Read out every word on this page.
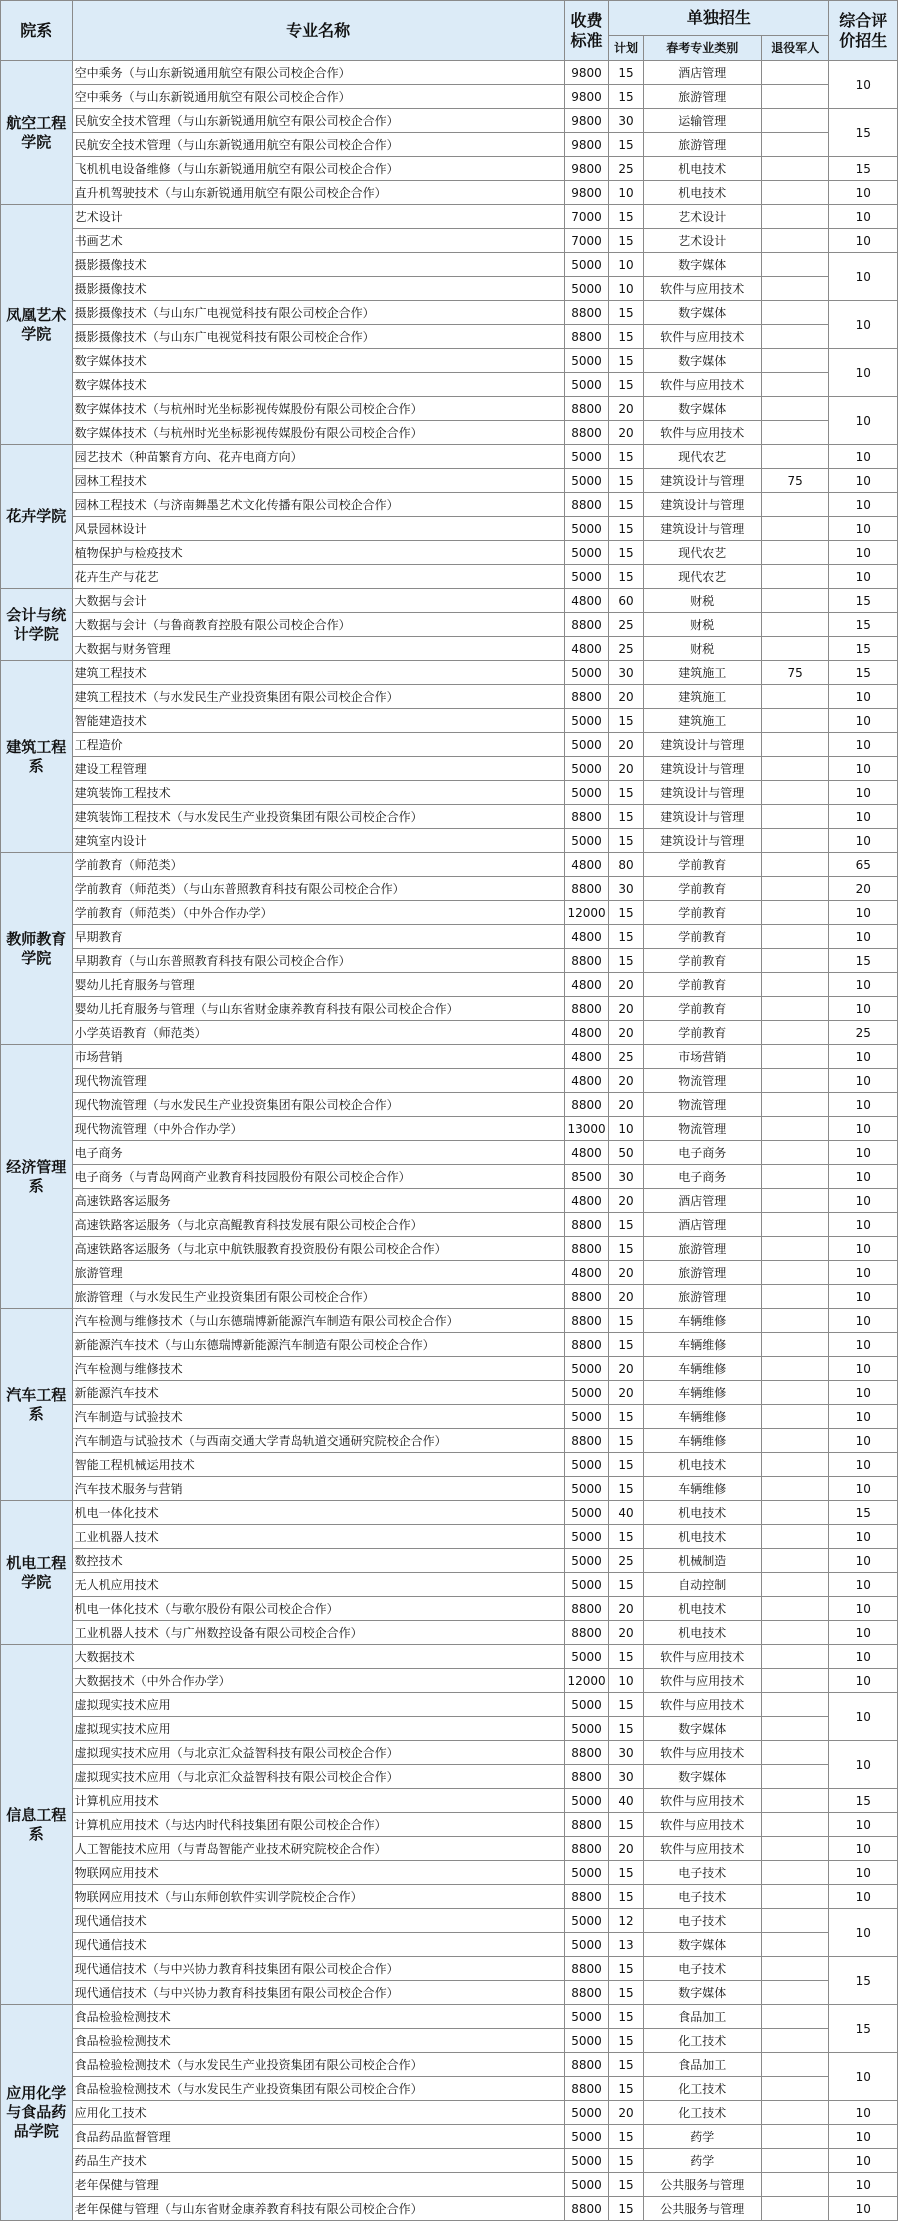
院系	专业名称	收费标准	单独招生			综合评价招生
			计划	春考专业类别	退役军人	
航空工程学院	空中乘务（与山东新锐通用航空有限公司校企合作）	9800	15	酒店管理		10
	空中乘务（与山东新锐通用航空有限公司校企合作）	9800	15	旅游管理		
	民航安全技术管理（与山东新锐通用航空有限公司校企合作）	9800	30	运输管理		15
	民航安全技术管理（与山东新锐通用航空有限公司校企合作）	9800	15	旅游管理		
	飞机机电设备维修（与山东新锐通用航空有限公司校企合作）	9800	25	机电技术		15
	直升机驾驶技术（与山东新锐通用航空有限公司校企合作）	9800	10	机电技术		10
凤凰艺术学院	艺术设计	7000	15	艺术设计		10
	书画艺术	7000	15	艺术设计		10
	摄影摄像技术	5000	10	数字媒体		10
	摄影摄像技术	5000	10	软件与应用技术		
	摄影摄像技术（与山东广电视觉科技有限公司校企合作）	8800	15	数字媒体		10
	摄影摄像技术（与山东广电视觉科技有限公司校企合作）	8800	15	软件与应用技术		
	数字媒体技术	5000	15	数字媒体		10
	数字媒体技术	5000	15	软件与应用技术		
	数字媒体技术（与杭州时光坐标影视传媒股份有限公司校企合作）	8800	20	数字媒体		10
	数字媒体技术（与杭州时光坐标影视传媒股份有限公司校企合作）	8800	20	软件与应用技术		
花卉学院	园艺技术（种苗繁育方向、花卉电商方向）	5000	15	现代农艺		10
	园林工程技术	5000	15	建筑设计与管理	75	10
	园林工程技术（与济南舞墨艺术文化传播有限公司校企合作）	8800	15	建筑设计与管理		10
	风景园林设计	5000	15	建筑设计与管理		10
	植物保护与检疫技术	5000	15	现代农艺		10
	花卉生产与花艺	5000	15	现代农艺		10
会计与统计学院	大数据与会计	4800	60	财税		15
	大数据与会计（与鲁商教育控股有限公司校企合作）	8800	25	财税		15
	大数据与财务管理	4800	25	财税		15
建筑工程系	建筑工程技术	5000	30	建筑施工	75	15
	建筑工程技术（与水发民生产业投资集团有限公司校企合作）	8800	20	建筑施工		10
	智能建造技术	5000	15	建筑施工		10
	工程造价	5000	20	建筑设计与管理		10
	建设工程管理	5000	20	建筑设计与管理		10
	建筑装饰工程技术	5000	15	建筑设计与管理		10
	建筑装饰工程技术（与水发民生产业投资集团有限公司校企合作）	8800	15	建筑设计与管理		10
	建筑室内设计	5000	15	建筑设计与管理		10
教师教育学院	学前教育（师范类）	4800	80	学前教育		65
	学前教育（师范类）（与山东普照教育科技有限公司校企合作）	8800	30	学前教育		20
	学前教育（师范类）（中外合作办学）	12000	15	学前教育		10
	早期教育	4800	15	学前教育		10
	早期教育（与山东普照教育科技有限公司校企合作）	8800	15	学前教育		15
	婴幼儿托育服务与管理	4800	20	学前教育		10
	婴幼儿托育服务与管理（与山东省财金康养教育科技有限公司校企合作）	8800	20	学前教育		10
	小学英语教育（师范类）	4800	20	学前教育		25
经济管理系	市场营销	4800	25	市场营销		10
	现代物流管理	4800	20	物流管理		10
	现代物流管理（与水发民生产业投资集团有限公司校企合作）	8800	20	物流管理		10
	现代物流管理（中外合作办学）	13000	10	物流管理		10
	电子商务	4800	50	电子商务		10
	电子商务（与青岛网商产业教育科技园股份有限公司校企合作）	8500	30	电子商务		10
	高速铁路客运服务	4800	20	酒店管理		10
	高速铁路客运服务（与北京高鲲教育科技发展有限公司校企合作）	8800	15	酒店管理		10
	高速铁路客运服务（与北京中航铁服教育投资股份有限公司校企合作）	8800	15	旅游管理		10
	旅游管理	4800	20	旅游管理		10
	旅游管理（与水发民生产业投资集团有限公司校企合作）	8800	20	旅游管理		10
汽车工程系	汽车检测与维修技术（与山东德瑞博新能源汽车制造有限公司校企合作）	8800	15	车辆维修		10
	新能源汽车技术（与山东德瑞博新能源汽车制造有限公司校企合作）	8800	15	车辆维修		10
	汽车检测与维修技术	5000	20	车辆维修		10
	新能源汽车技术	5000	20	车辆维修		10
	汽车制造与试验技术	5000	15	车辆维修		10
	汽车制造与试验技术（与西南交通大学青岛轨道交通研究院校企合作）	8800	15	车辆维修		10
	智能工程机械运用技术	5000	15	机电技术		10
	汽车技术服务与营销	5000	15	车辆维修		10
机电工程学院	机电一体化技术	5000	40	机电技术		15
	工业机器人技术	5000	15	机电技术		10
	数控技术	5000	25	机械制造		10
	无人机应用技术	5000	15	自动控制		10
	机电一体化技术（与歌尔股份有限公司校企合作）	8800	20	机电技术		10
	工业机器人技术（与广州数控设备有限公司校企合作）	8800	20	机电技术		10
信息工程系	大数据技术	5000	15	软件与应用技术		10
	大数据技术（中外合作办学）	12000	10	软件与应用技术		10
	虚拟现实技术应用	5000	15	软件与应用技术		10
	虚拟现实技术应用	5000	15	数字媒体		
	虚拟现实技术应用（与北京汇众益智科技有限公司校企合作）	8800	30	软件与应用技术		10
	虚拟现实技术应用（与北京汇众益智科技有限公司校企合作）	8800	30	数字媒体		
	计算机应用技术	5000	40	软件与应用技术		15
	计算机应用技术（与达内时代科技集团有限公司校企合作）	8800	15	软件与应用技术		10
	人工智能技术应用（与青岛智能产业技术研究院校企合作）	8800	20	软件与应用技术		10
	物联网应用技术	5000	15	电子技术		10
	物联网应用技术（与山东师创软件实训学院校企合作）	8800	15	电子技术		10
	现代通信技术	5000	12	电子技术		10
	现代通信技术	5000	13	数字媒体		
	现代通信技术（与中兴协力教育科技集团有限公司校企合作）	8800	15	电子技术		15
	现代通信技术（与中兴协力教育科技集团有限公司校企合作）	8800	15	数字媒体		
应用化学与食品药品学院	食品检验检测技术	5000	15	食品加工		15
	食品检验检测技术	5000	15	化工技术		
	食品检验检测技术（与水发民生产业投资集团有限公司校企合作）	8800	15	食品加工		10
	食品检验检测技术（与水发民生产业投资集团有限公司校企合作）	8800	15	化工技术		
	应用化工技术	5000	20	化工技术		10
	食品药品监督管理	5000	15	药学		10
	药品生产技术	5000	15	药学		10
	老年保健与管理	5000	15	公共服务与管理		10
	老年保健与管理（与山东省财金康养教育科技有限公司校企合作）	8800	15	公共服务与管理		10
